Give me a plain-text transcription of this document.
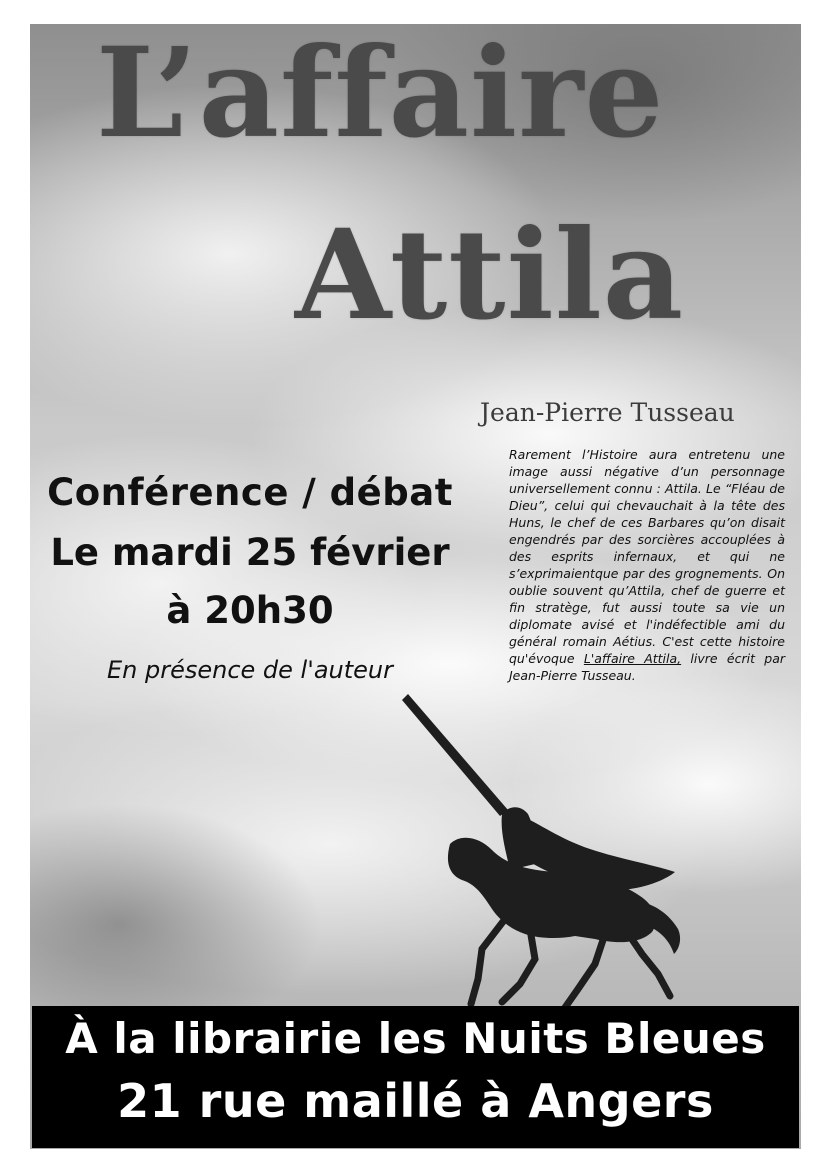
L’affaire
Attila
Jean-Pierre Tusseau
Conférence / débat
Le mardi 25 février
à 20h30
En présence de l'auteur

Rarement l’Histoire aura entretenu une image aussi négative d’un personnage universellement connu : Attila. Le “Fléau de Dieu”, celui qui chevauchait à la tête des Huns, le chef de ces Barbares qu’on disait engendrés par des sorcières accouplées à des esprits infernaux, et qui ne s’exprimaientque par des grognements. On oublie souvent qu’Attila, chef de guerre et fin stratège, fut aussi toute sa vie un diplomate avisé et l'indéfectible ami du général romain Aétius. C'est cette histoire qu'évoque L'affaire Attila, livre écrit par Jean-Pierre Tusseau.

À la librairie les Nuits Bleues
21 rue maillé à Angers
